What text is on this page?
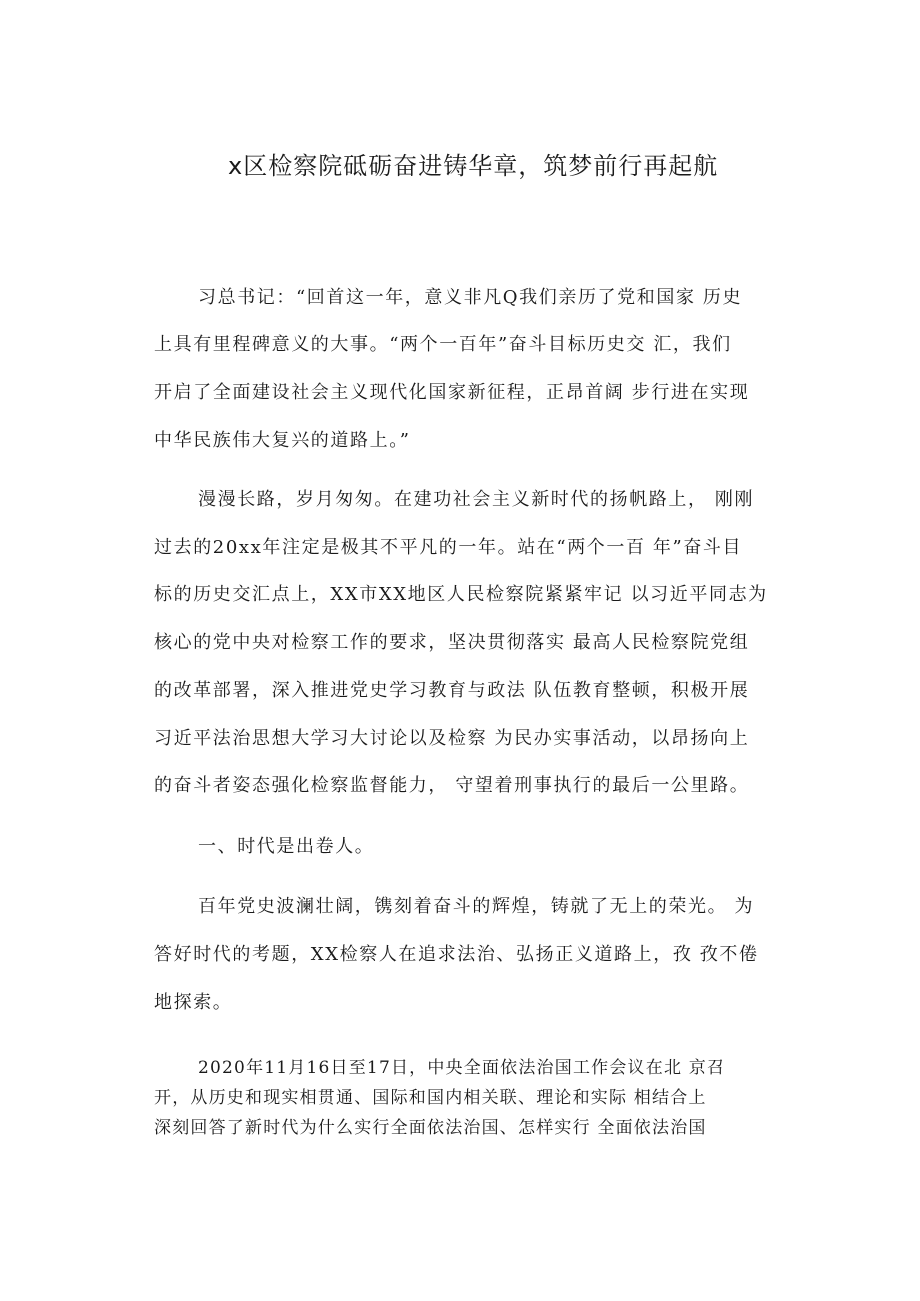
x区检察院砥砺奋进铸华章，筑梦前行再起航
习总书记：“回首这一年，意义非凡Q我们亲历了党和国家 历史
上具有里程碑意义的大事。“两个一百年”奋斗目标历史交 汇，我们
开启了全面建设社会主义现代化国家新征程，正昂首阔 步行进在实现
中华民族伟大复兴的道路上。”
漫漫长路，岁月匆匆。在建功社会主义新时代的扬帆路上， 刚刚
过去的20xx年注定是极其不平凡的一年。站在“两个一百 年”奋斗目
标的历史交汇点上，XX市XX地区人民检察院紧紧牢记 以习近平同志为
核心的党中央对检察工作的要求，坚决贯彻落实 最高人民检察院党组
的改革部署，深入推进党史学习教育与政法 队伍教育整顿，积极开展
习近平法治思想大学习大讨论以及检察 为民办实事活动，以昂扬向上
的奋斗者姿态强化检察监督能力， 守望着刑事执行的最后一公里路。
一、时代是出卷人。
百年党史波澜壮阔，镌刻着奋斗的辉煌，铸就了无上的荣光。 为
答好时代的考题，XX检察人在追求法治、弘扬正义道路上，孜 孜不倦
地探索。
2020年11月16日至17日，中央全面依法治国工作会议在北 京召
开，从历史和现实相贯通、国际和国内相关联、理论和实际 相结合上
深刻回答了新时代为什么实行全面依法治国、怎样实行 全面依法治国
